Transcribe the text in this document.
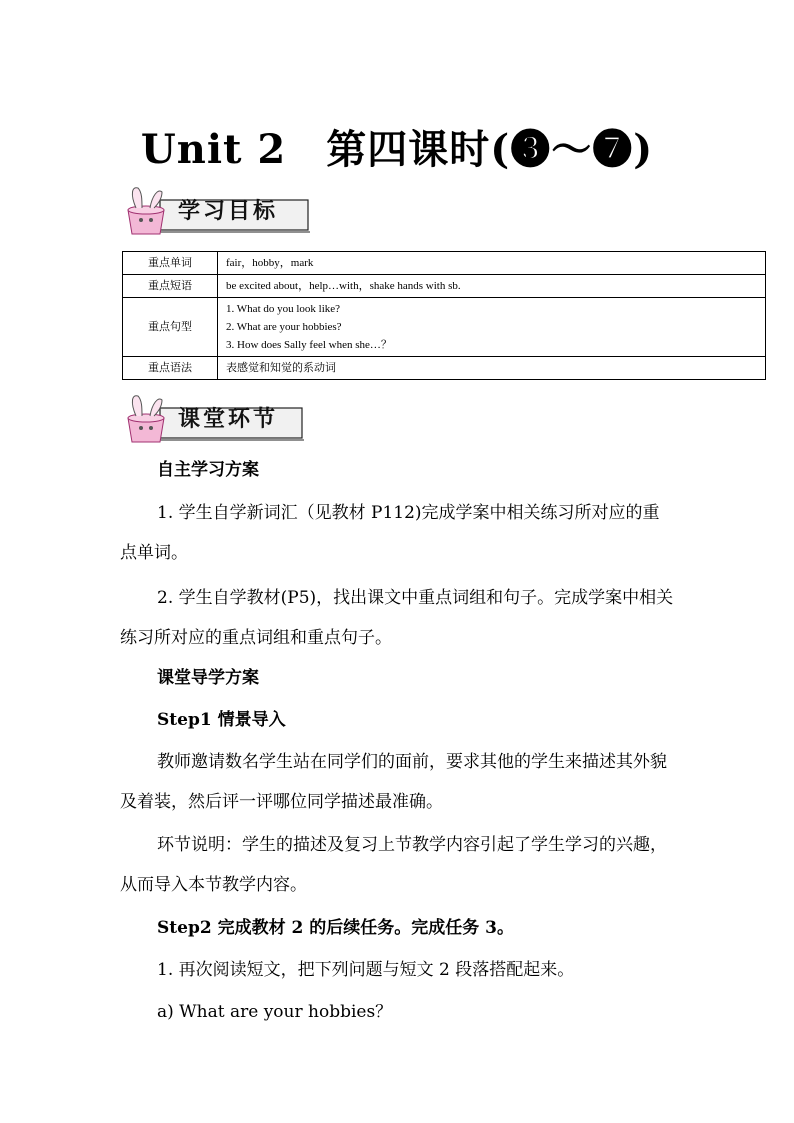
Unit 2 第四课时(❸～❼)
学习目标
重点单词	fair，hobby，mark
重点短语	be excited about，help…with，shake hands with sb.
重点句型	1. What do you look like?
2. What are your hobbies?
3. How does Sally feel when she…？

重点语法	表感觉和知觉的系动词
课堂环节
自主学习方案
1. 学生自学新词汇（见教材 P112)完成学案中相关练习所对应的重点单词。
2. 学生自学教材(P5)，找出课文中重点词组和句子。完成学案中相关练习所对应的重点词组和重点句子。
课堂导学方案
Step1 情景导入
教师邀请数名学生站在同学们的面前，要求其他的学生来描述其外貌及着装，然后评一评哪位同学描述最准确。
环节说明：学生的描述及复习上节教学内容引起了学生学习的兴趣，从而导入本节教学内容。
Step2 完成教材 2 的后续任务。完成任务 3。
1. 再次阅读短文，把下列问题与短文 2 段落搭配起来。
a) What are your hobbies？
